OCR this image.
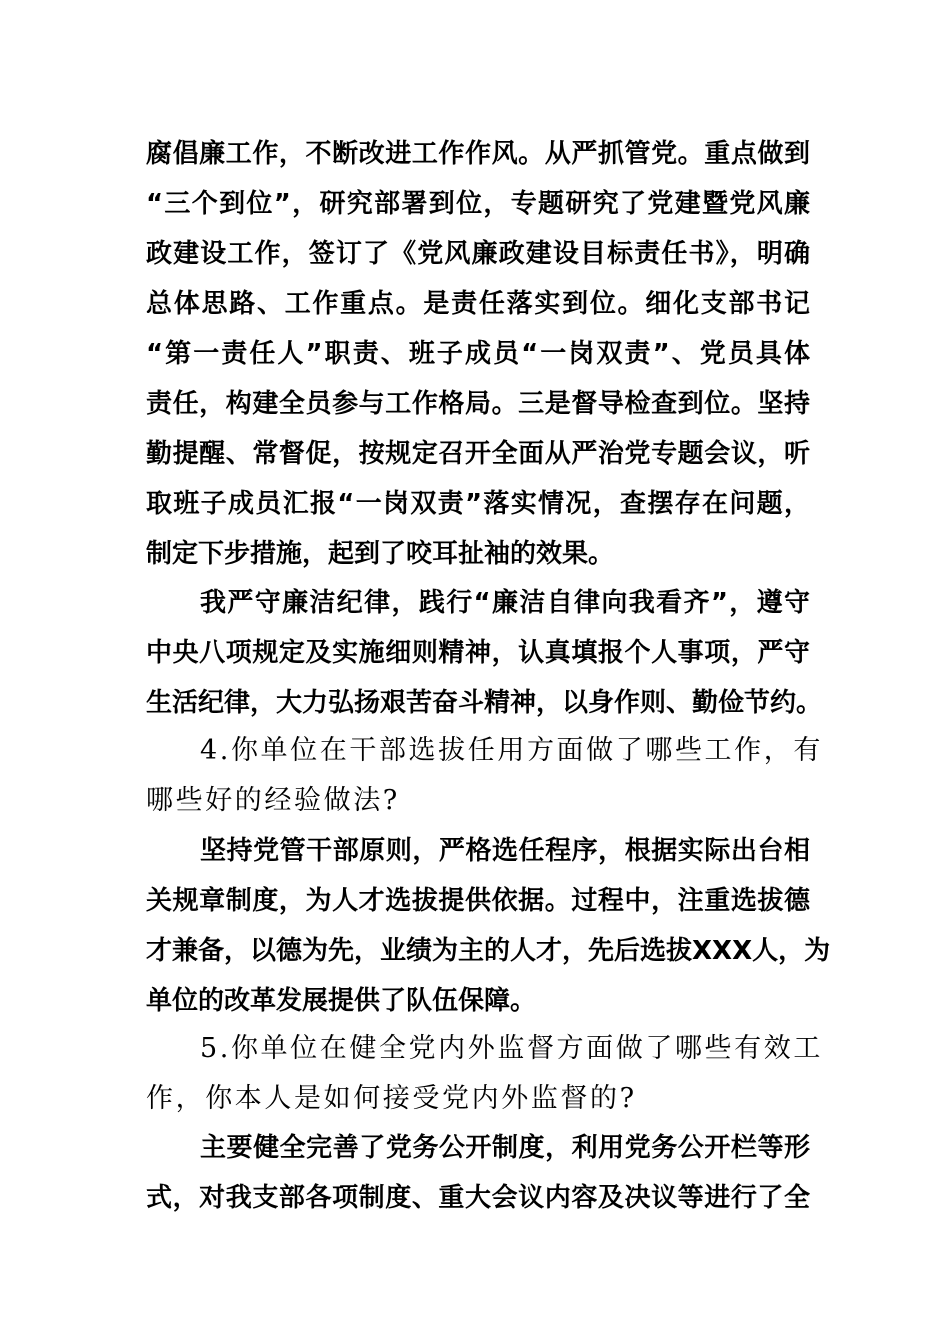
腐倡廉工作，不断改进工作作风。从严抓管党。重点做到
“三个到位”，研究部署到位，专题研究了党建暨党风廉
政建设工作，签订了《党风廉政建设目标责任书》，明确
总体思路、工作重点。是责任落实到位。细化支部书记
“第一责任人”职责、班子成员“一岗双责”、党员具体
责任，构建全员参与工作格局。三是督导检查到位。坚持
勤提醒、常督促，按规定召开全面从严治党专题会议，听
取班子成员汇报“一岗双责”落实情况，查摆存在问题，
制定下步措施，起到了咬耳扯袖的效果。
我严守廉洁纪律，践行“廉洁自律向我看齐”，遵守
中央八项规定及实施细则精神，认真填报个人事项，严守
生活纪律，大力弘扬艰苦奋斗精神，以身作则、勤俭节约。
4.你单位在干部选拔任用方面做了哪些工作，有
哪些好的经验做法?
坚持党管干部原则，严格选任程序，根据实际出台相
关规章制度，为人才选拔提供依据。过程中，注重选拔德
才兼备，以德为先，业绩为主的人才，先后选拔XXX人，为
单位的改革发展提供了队伍保障。
5.你单位在健全党内外监督方面做了哪些有效工
作，你本人是如何接受党内外监督的?
主要健全完善了党务公开制度，利用党务公开栏等形
式，对我支部各项制度、重大会议内容及决议等进行了全
